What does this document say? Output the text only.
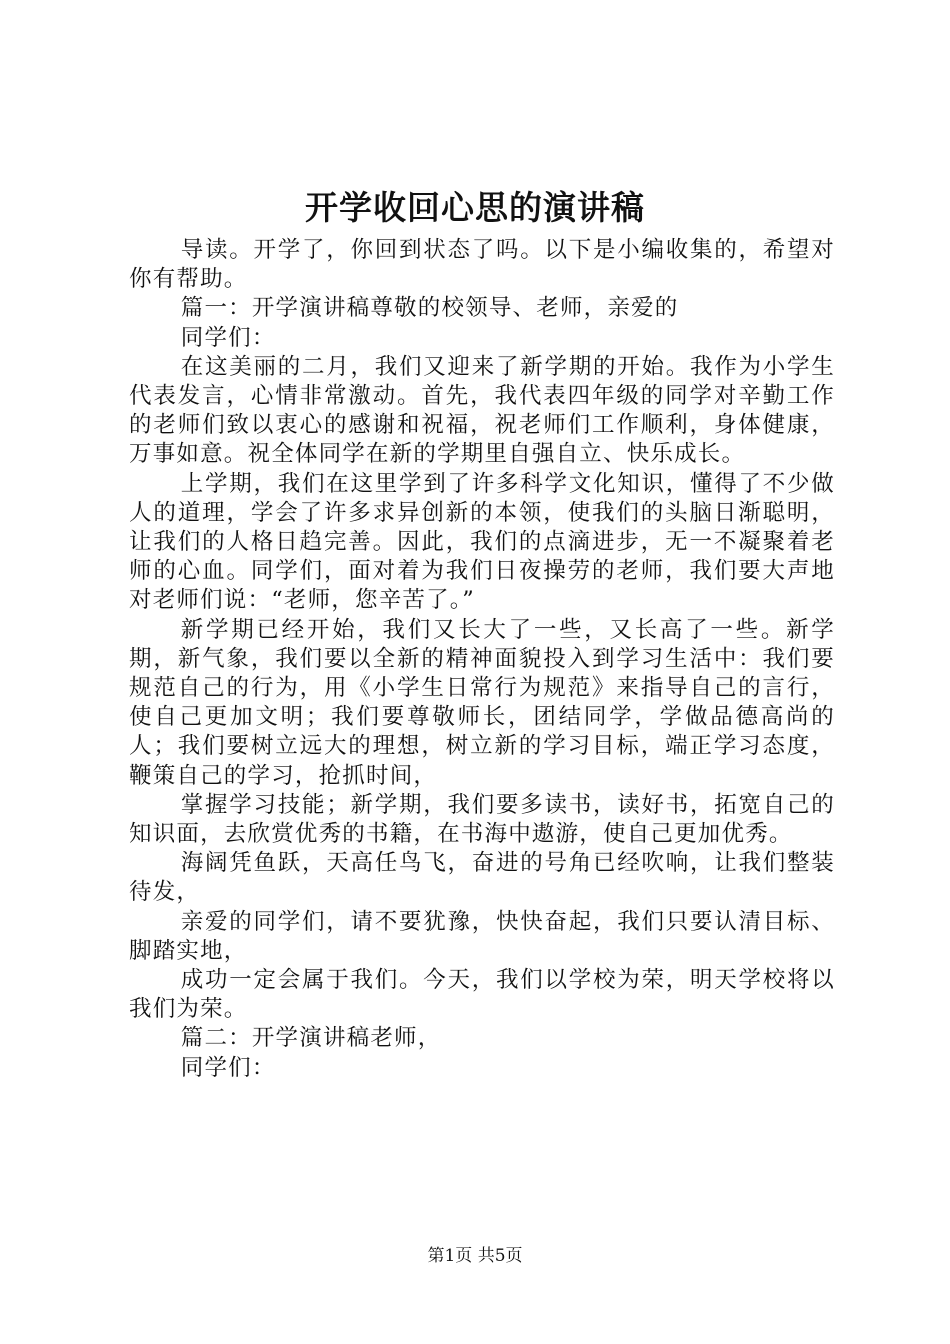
开学收回心思的演讲稿

导读。开学了，你回到状态了吗。以下是小编收集的，希望对你有帮助。

篇一：开学演讲稿尊敬的校领导、老师，亲爱的

同学们：

在这美丽的二月，我们又迎来了新学期的开始。我作为小学生代表发言，心情非常激动。首先，我代表四年级的同学对辛勤工作的老师们致以衷心的感谢和祝福，祝老师们工作顺利，身体健康，万事如意。祝全体同学在新的学期里自强自立、快乐成长。

上学期，我们在这里学到了许多科学文化知识，懂得了不少做人的道理，学会了许多求异创新的本领，使我们的头脑日渐聪明，让我们的人格日趋完善。因此，我们的点滴进步，无一不凝聚着老师的心血。同学们，面对着为我们日夜操劳的老师，我们要大声地对老师们说：“老师，您辛苦了。”

新学期已经开始，我们又长大了一些，又长高了一些。新学期，新气象，我们要以全新的精神面貌投入到学习生活中：我们要规范自己的行为，用《小学生日常行为规范》来指导自己的言行，使自己更加文明；我们要尊敬师长，团结同学，学做品德高尚的人；我们要树立远大的理想，树立新的学习目标，端正学习态度，鞭策自己的学习，抢抓时间，

掌握学习技能；新学期，我们要多读书，读好书，拓宽自己的知识面，去欣赏优秀的书籍，在书海中遨游，使自己更加优秀。

海阔凭鱼跃，天高任鸟飞，奋进的号角已经吹响，让我们整装待发，

亲爱的同学们，请不要犹豫，快快奋起，我们只要认清目标、脚踏实地，

成功一定会属于我们。今天，我们以学校为荣，明天学校将以我们为荣。

篇二：开学演讲稿老师，

同学们：

第1页 共5页
